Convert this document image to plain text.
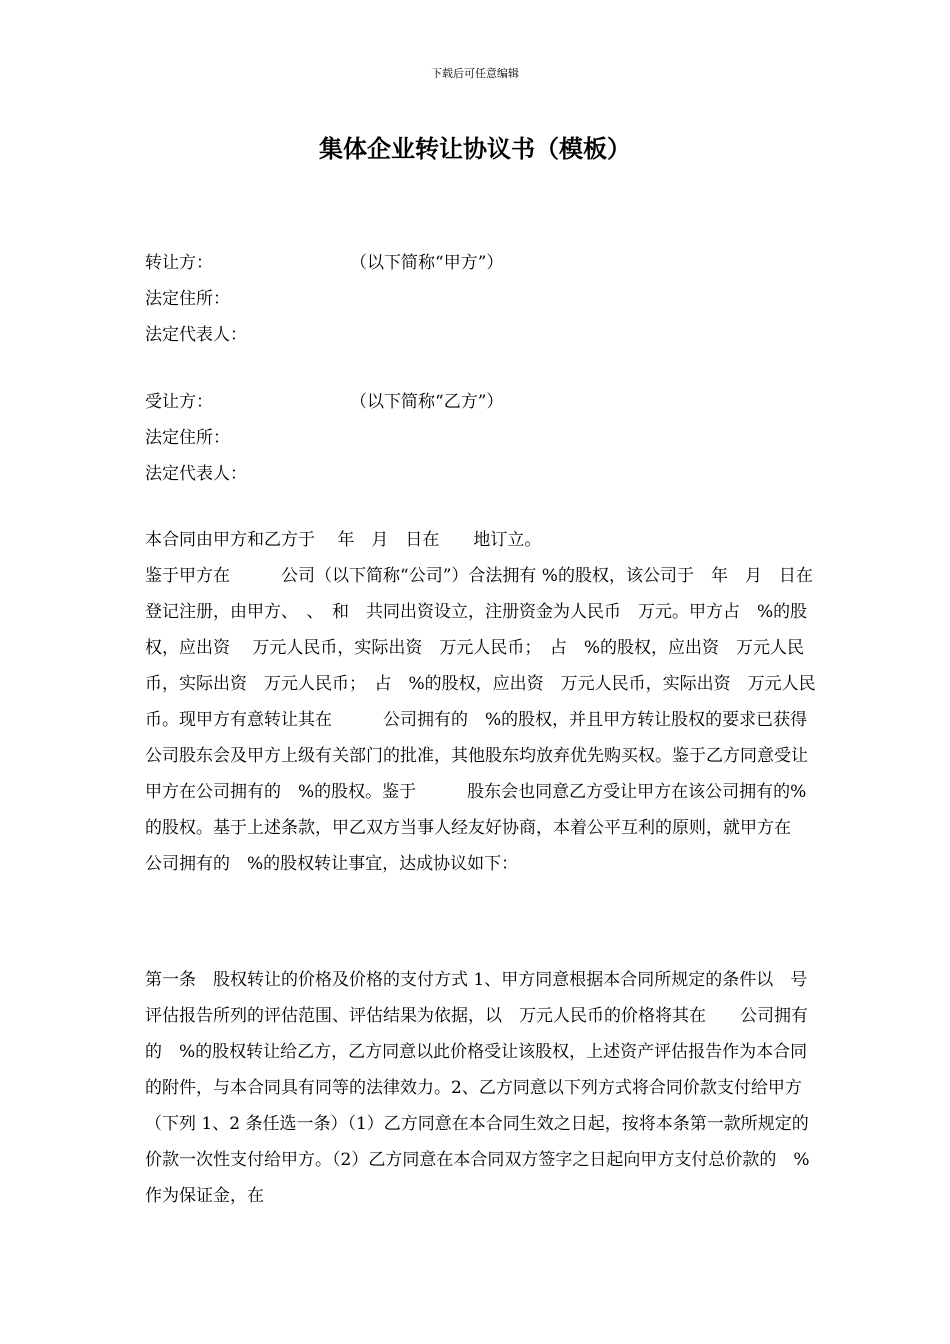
下载后可任意编辑
集体企业转让协议书（模板）
转让方：	（以下简称“甲方”）
法定住所：
法定代表人：
受让方：	（以下简称“乙方”）
法定住所：
法定代表人：

本合同由甲方和乙方于　 年　月　日在　　地订立。

鉴于甲方在　　　公司（以下简称“公司”）合法拥有 %的股权，该公司于　年　月　日在　　　登记注册，由甲方、　、　和　共同出资设立，注册资金为人民币　万元。甲方占　%的股权，应出资　 万元人民币，实际出资　万元人民币；　占　%的股权，应出资　万元人民币，实际出资　万元人民币；　占　%的股权，应出资　万元人民币，实际出资　万元人民币。现甲方有意转让其在　　　公司拥有的　%的股权，并且甲方转让股权的要求已获得　　　公司股东会及甲方上级有关部门的批准，其他股东均放弃优先购买权。鉴于乙方同意受让甲方在公司拥有的　%的股权。鉴于　　　股东会也同意乙方受让甲方在该公司拥有的%的股权。基于上述条款，甲乙双方当事人经友好协商，本着公平互利的原则，就甲方在　　　公司拥有的　%的股权转让事宜，达成协议如下：

第一条　股权转让的价格及价格的支付方式 1、甲方同意根据本合同所规定的条件以　号评估报告所列的评估范围、评估结果为依据，以　万元人民币的价格将其在　　公司拥有的　%的股权转让给乙方，乙方同意以此价格受让该股权，上述资产评估报告作为本合同的附件，与本合同具有同等的法律效力。2、乙方同意以下列方式将合同价款支付给甲方（下列 1、2 条任选一条）（1）乙方同意在本合同生效之日起，按将本条第一款所规定的价款一次性支付给甲方。（2）乙方同意在本合同双方签字之日起向甲方支付总价款的　%作为保证金，在
